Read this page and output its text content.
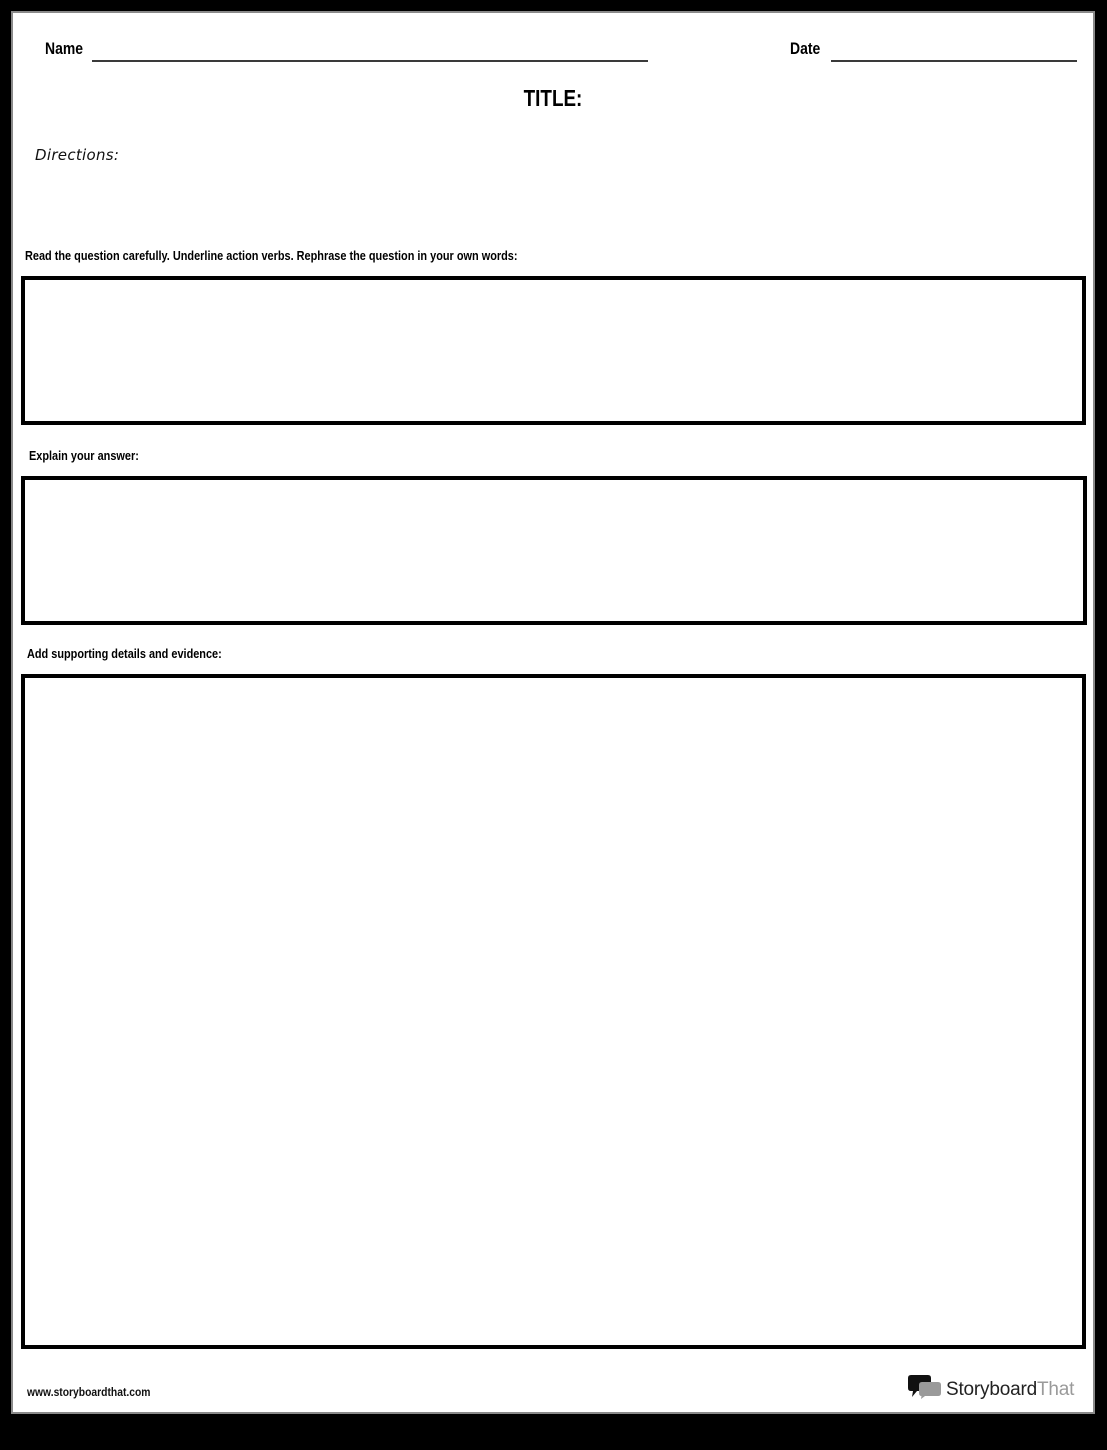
Name	Date
TITLE:
Directions:
Read the question carefully. Underline action verbs. Rephrase the question in your own words:
Explain your answer:
Add supporting details and evidence:
www.storyboardthat.com	StoryboardThat
